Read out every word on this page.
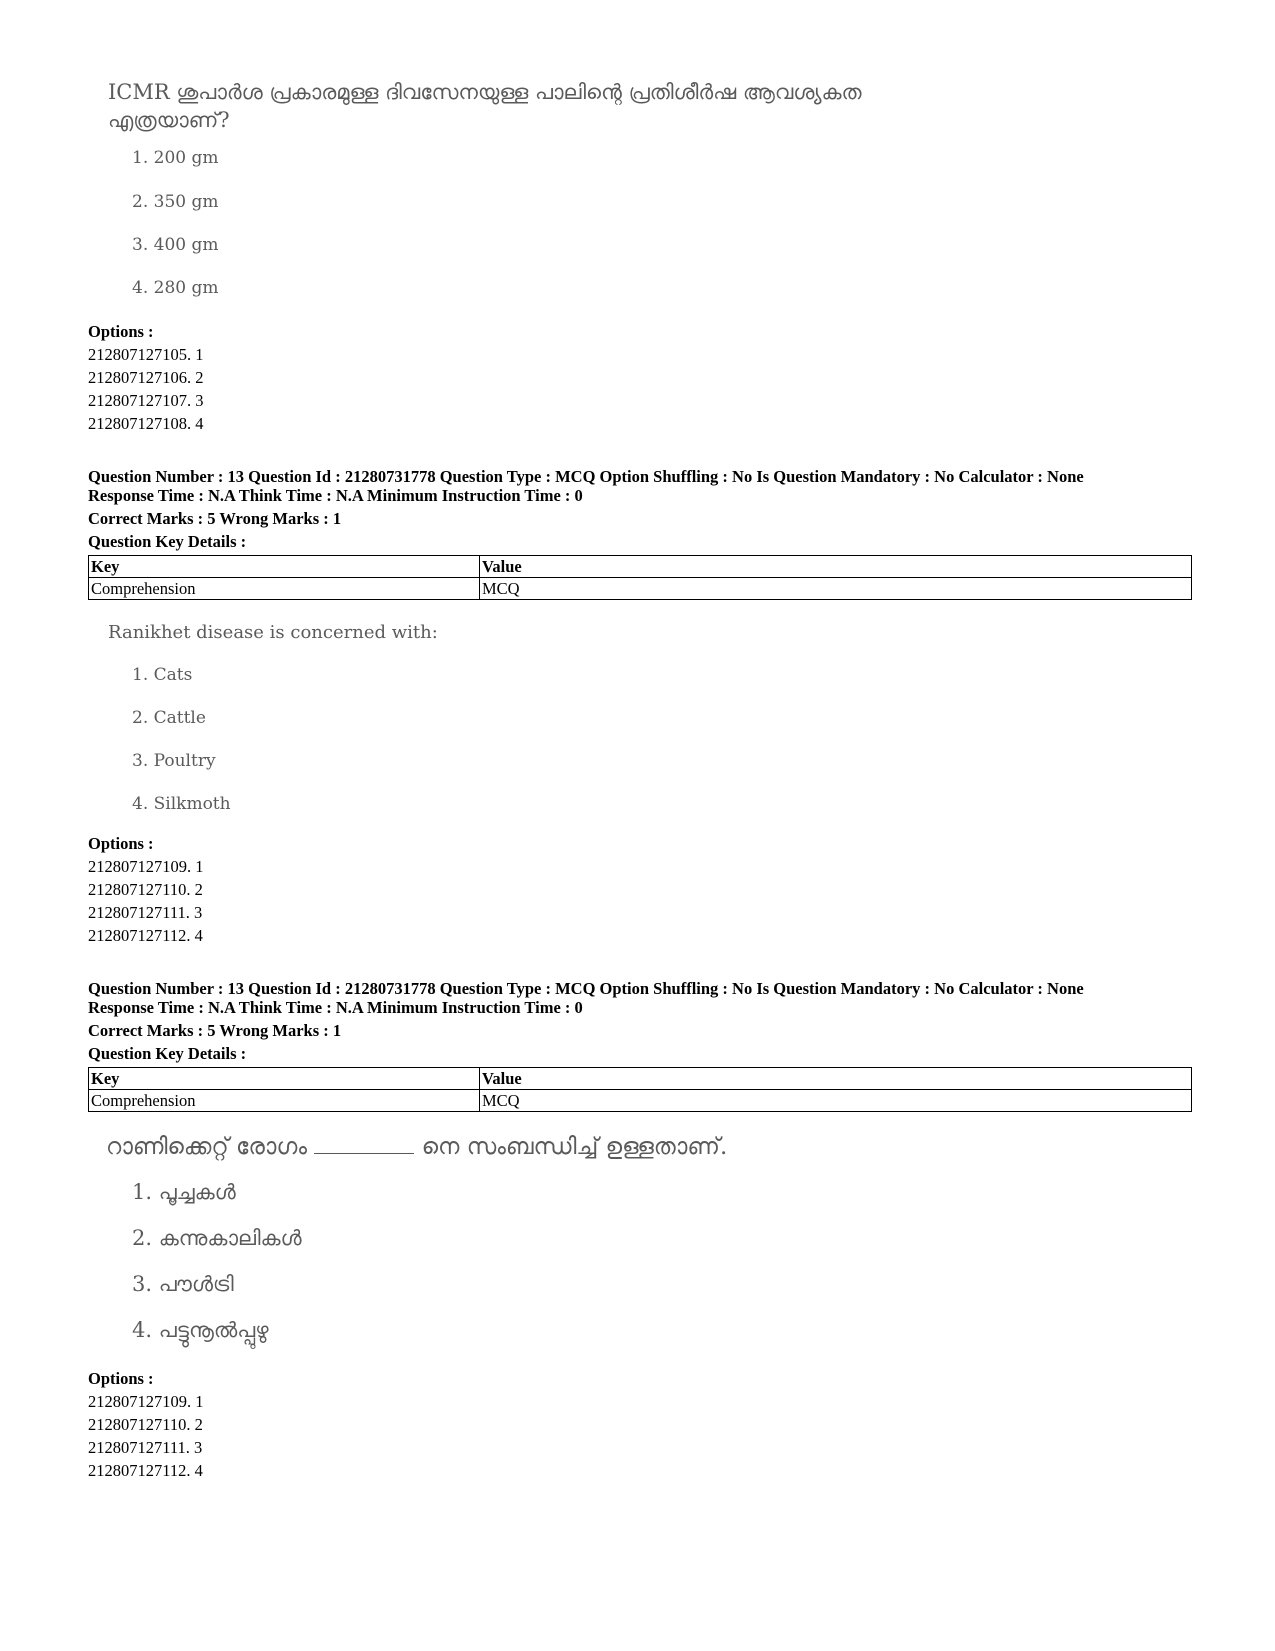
ICMR ശുപാർശ പ്രകാരമുള്ള ദിവസേനയുള്ള പാലിന്റെ പ്രതിശീർഷ ആവശ്യകത
എത്രയാണ്?
1. 200 gm
2. 350 gm
3. 400 gm
4. 280 gm
Options :
212807127105. 1
212807127106. 2
212807127107. 3
212807127108. 4
Question Number : 13 Question Id : 21280731778 Question Type : MCQ Option Shuffling : No Is Question Mandatory : No Calculator : None
Response Time : N.A Think Time : N.A Minimum Instruction Time : 0
Correct Marks : 5 Wrong Marks : 1
Question Key Details :
Key	Value
Comprehension	MCQ
Ranikhet disease is concerned with:
1. Cats
2. Cattle
3. Poultry
4. Silkmoth
Options :
212807127109. 1
212807127110. 2
212807127111. 3
212807127112. 4
Question Number : 13 Question Id : 21280731778 Question Type : MCQ Option Shuffling : No Is Question Mandatory : No Calculator : None
Response Time : N.A Think Time : N.A Minimum Instruction Time : 0
Correct Marks : 5 Wrong Marks : 1
Question Key Details :
Key	Value
Comprehension	MCQ
റാണിക്കെറ്റ് രോഗം	നെ സംബന്ധിച്ച് ഉള്ളതാണ്.
1. പൂച്ചകൾ
2. കന്നുകാലികൾ
3. പൗൾട്രി
4. പട്ടുനൂൽപ്പുഴു
Options :
212807127109. 1
212807127110. 2
212807127111. 3
212807127112. 4
